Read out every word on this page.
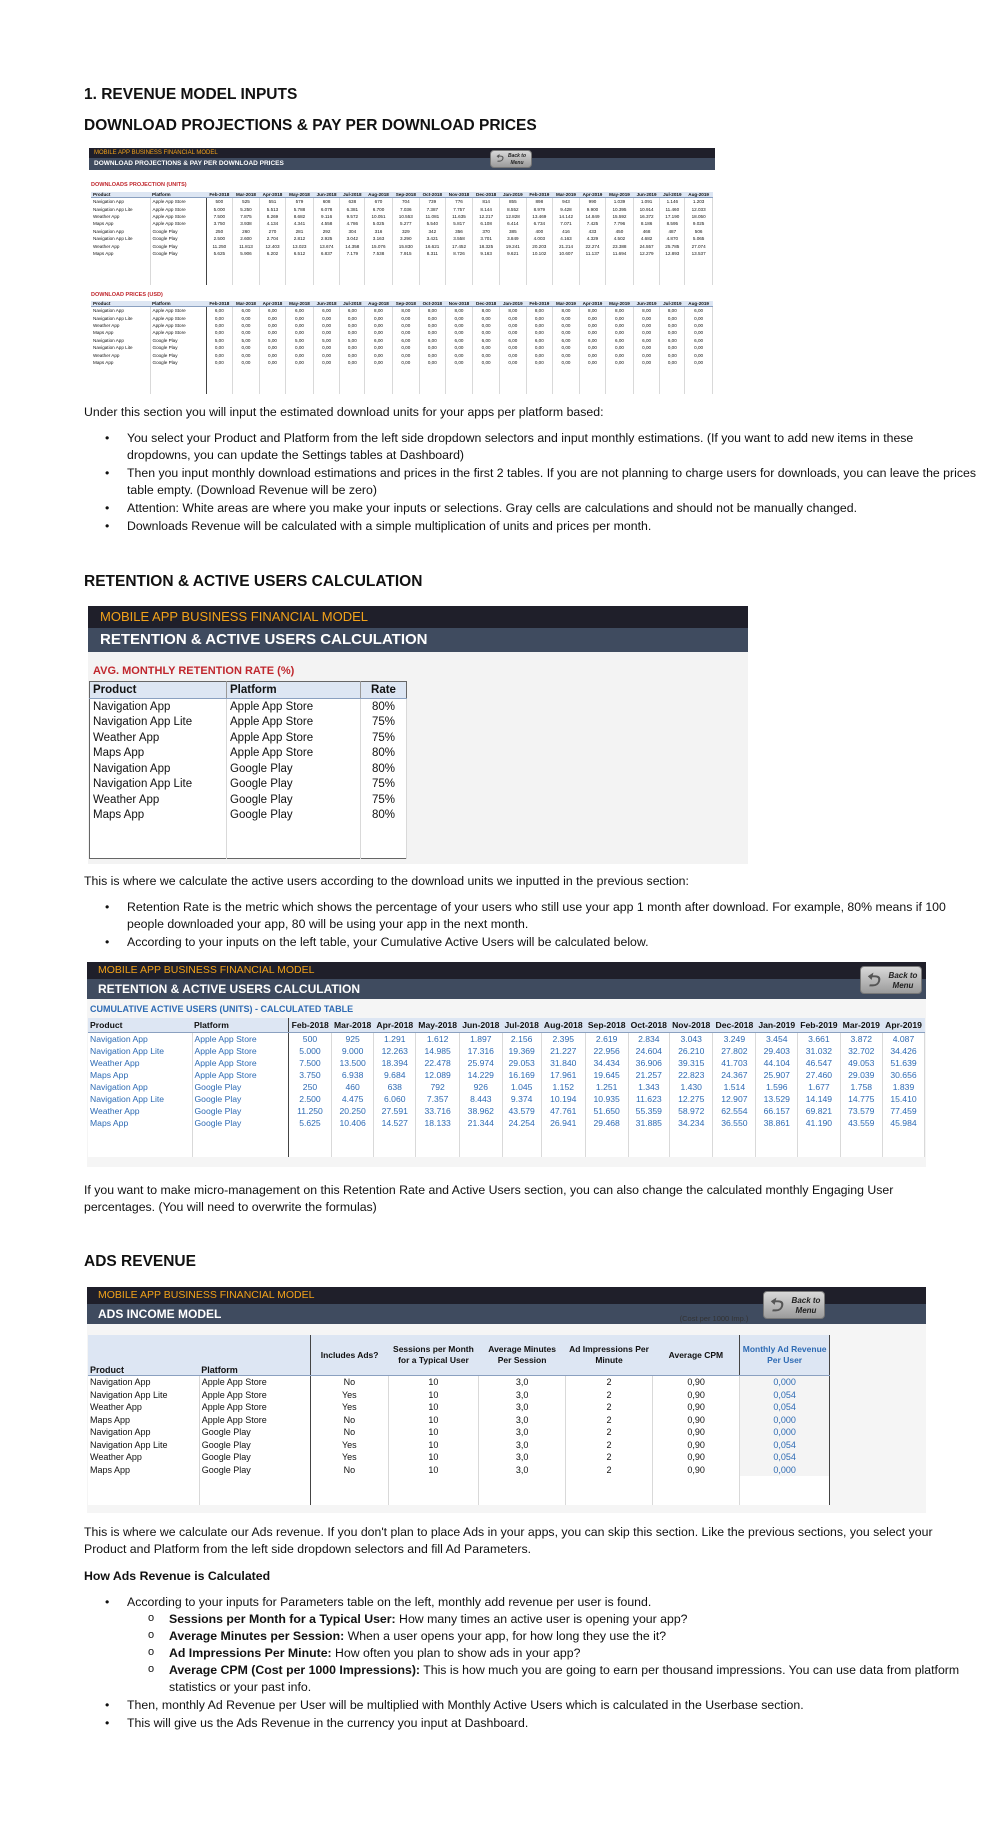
1. REVENUE MODEL INPUTS
DOWNLOAD PROJECTIONS & PAY PER DOWNLOAD PRICES
MOBILE APP BUSINESS FINANCIAL MODEL
DOWNLOAD PROJECTIONS & PAY PER DOWNLOAD PRICES	⮌ Back to Menu
DOWNLOADS PROJECTION (UNITS)
Product	Platform	Feb-2018	Mar-2018	Apr-2018	May-2018	Jun-2018	Jul-2018	Aug-2018	Sep-2018	Oct-2018	Nov-2018	Dec-2018	Jan-2019	Feb-2019	Mar-2019	Apr-2019	May-2019	Jun-2019	Jul-2019	Aug-2019
Navigation App	Apple App Store	500	525	551	579	608	638	670	704	739	776	814	855	898	943	990	1.039	1.091	1.146	1.203
Navigation App Lite	Apple App Store	5.000	5.250	5.513	5.788	6.078	6.381	6.700	7.036	7.387	7.757	8.144	8.552	8.979	9.428	9.900	10.395	10.914	11.460	12.033
Weather App	Apple App Store	7.500	7.875	8.269	8.682	9.116	9.572	10.051	10.553	11.081	11.635	12.217	12.828	13.469	14.142	14.849	15.592	16.372	17.190	18.050
Maps App	Apple App Store	3.750	3.938	4.134	4.341	4.558	4.786	5.025	5.277	5.540	5.817	6.108	6.414	6.734	7.071	7.425	7.796	8.186	8.595	9.025
Navigation App	Google Play	250	260	270	281	292	304	316	329	342	356	370	385	400	416	433	450	468	487	506
Navigation App Lite	Google Play	2.500	2.600	2.704	2.812	2.925	3.042	3.163	3.290	3.421	3.558	3.701	3.849	4.003	4.163	4.329	4.502	4.682	4.870	5.065
Weather App	Google Play	11.250	11.813	12.403	13.023	13.674	14.358	15.076	15.830	16.621	17.452	18.325	19.241	20.203	21.214	22.274	23.388	24.557	25.785	27.074
Maps App	Google Play	5.625	5.906	6.202	6.512	6.837	7.179	7.538	7.915	8.311	8.726	9.163	9.621	10.102	10.607	11.137	11.694	12.279	12.893	13.537

DOWNLOAD PRICES (USD)
Product	Platform	Feb-2018	Mar-2018	Apr-2018	May-2018	Jun-2018	Jul-2018	Aug-2018	Sep-2018	Oct-2018	Nov-2018	Dec-2018	Jan-2019	Feb-2019	Mar-2019	Apr-2019	May-2019	Jun-2019	Jul-2019	Aug-2019
Navigation App	Apple App Store	6,00	6,00	6,00	6,00	6,00	6,00	8,00	8,00	8,00	8,00	8,00	8,00	8,00	8,00	8,00	8,00	8,00	8,00	6,00
Navigation App Lite	Apple App Store	0,00	0,00	0,00	0,00	0,00	0,00	0,00	0,00	0,00	0,00	0,00	0,00	0,00	0,00	0,00	0,00	0,00	0,00	0,00
Weather App	Apple App Store	0,00	0,00	0,00	0,00	0,00	0,00	0,00	0,00	0,00	0,00	0,00	0,00	0,00	0,00	0,00	0,00	0,00	0,00	0,00
Maps App	Apple App Store	0,00	0,00	0,00	0,00	0,00	0,00	0,00	0,00	0,00	0,00	0,00	0,00	0,00	0,00	0,00	0,00	0,00	0,00	0,00
Navigation App	Google Play	5,00	5,00	5,00	5,00	5,00	5,00	6,00	6,00	6,00	6,00	6,00	6,00	6,00	6,00	6,00	6,00	6,00	6,00	6,00
Navigation App Lite	Google Play	0,00	0,00	0,00	0,00	0,00	0,00	0,00	0,00	0,00	0,00	0,00	0,00	0,00	0,00	0,00	0,00	0,00	0,00	0,00
Weather App	Google Play	0,00	0,00	0,00	0,00	0,00	0,00	0,00	0,00	0,00	0,00	0,00	0,00	0,00	0,00	0,00	0,00	0,00	0,00	0,00
Maps App	Google Play	0,00	0,00	0,00	0,00	0,00	0,00	0,00	0,00	0,00	0,00	0,00	0,00	0,00	0,00	0,00	0,00	0,00	0,00	0,00

Under this section you will input the estimated download units for your apps per platform based:

• You select your Product and Platform from the left side dropdown selectors and input monthly estimations. (If you want to add new items in these dropdowns, you can update the Settings tables at Dashboard)
• Then you input monthly download estimations and prices in the first 2 tables. If you are not planning to charge users for downloads, you can leave the prices table empty. (Download Revenue will be zero)
• Attention: White areas are where you make your inputs or selections. Gray cells are calculations and should not be manually changed.
• Downloads Revenue will be calculated with a simple multiplication of units and prices per month.
RETENTION & ACTIVE USERS CALCULATION
MOBILE APP BUSINESS FINANCIAL MODEL
RETENTION & ACTIVE USERS CALCULATION
AVG. MONTHLY RETENTION RATE (%)
Product	Platform	Rate
Navigation App	Apple App Store	80%
Navigation App Lite	Apple App Store	75%
Weather App	Apple App Store	75%
Maps App	Apple App Store	80%
Navigation App	Google Play	80%
Navigation App Lite	Google Play	75%
Weather App	Google Play	75%
Maps App	Google Play	80%

This is where we calculate the active users according to the download units we inputted in the previous section:

• Retention Rate is the metric which shows the percentage of your users who still use your app 1 month after download. For example, 80% means if 100 people downloaded your app, 80 will be using your app in the next month.
• According to your inputs on the left table, your Cumulative Active Users will be calculated below.
MOBILE APP BUSINESS FINANCIAL MODEL
RETENTION & ACTIVE USERS CALCULATION	⮌ Back to Menu
CUMULATIVE ACTIVE USERS (UNITS) - CALCULATED TABLE
Product	Platform	Feb-2018	Mar-2018	Apr-2018	May-2018	Jun-2018	Jul-2018	Aug-2018	Sep-2018	Oct-2018	Nov-2018	Dec-2018	Jan-2019	Feb-2019	Mar-2019	Apr-2019
Navigation App	Apple App Store	500	925	1.291	1.612	1.897	2.156	2.395	2.619	2.834	3.043	3.249	3.454	3.661	3.872	4.087
Navigation App Lite	Apple App Store	5.000	9.000	12.263	14.985	17.316	19.369	21.227	22.956	24.604	26.210	27.802	29.403	31.032	32.702	34.426
Weather App	Apple App Store	7.500	13.500	18.394	22.478	25.974	29.053	31.840	34.434	36.906	39.315	41.703	44.104	46.547	49.053	51.639
Maps App	Apple App Store	3.750	6.938	9.684	12.089	14.229	16.169	17.961	19.645	21.257	22.823	24.367	25.907	27.460	29.039	30.656
Navigation App	Google Play	250	460	638	792	926	1.045	1.152	1.251	1.343	1.430	1.514	1.596	1.677	1.758	1.839
Navigation App Lite	Google Play	2.500	4.475	6.060	7.357	8.443	9.374	10.194	10.935	11.623	12.275	12.907	13.529	14.149	14.775	15.410
Weather App	Google Play	11.250	20.250	27.591	33.716	38.962	43.579	47.761	51.650	55.359	58.972	62.554	66.157	69.821	73.579	77.459
Maps App	Google Play	5.625	10.406	14.527	18.133	21.344	24.254	26.941	29.468	31.885	34.234	36.550	38.861	41.190	43.559	45.984

If you want to make micro-management on this Retention Rate and Active Users section, you can also change the calculated monthly Engaging User percentages. (You will need to overwrite the formulas)

ADS REVENUE
MOBILE APP BUSINESS FINANCIAL MODEL
ADS INCOME MODEL	⮌ Back to Menu
Product	Platform	Includes Ads?	Sessions per Month for a Typical User	Average Minutes Per Session	Ad Impressions Per Minute	Average CPM	Monthly Ad Revenue Per User
Navigation App	Apple App Store	No	10	3,0	2	0,90	0,000
Navigation App Lite	Apple App Store	Yes	10	3,0	2	0,90	0,054
Weather App	Apple App Store	Yes	10	3,0	2	0,90	0,054
Maps App	Apple App Store	No	10	3,0	2	0,90	0,000
Navigation App	Google Play	No	10	3,0	2	0,90	0,000
Navigation App Lite	Google Play	Yes	10	3,0	2	0,90	0,054
Weather App	Google Play	Yes	10	3,0	2	0,90	0,054
Maps App	Google Play	No	10	3,0	2	0,90	0,000

(Cost per 1000 Imp.)

This is where we calculate our Ads revenue. If you don't plan to place Ads in your apps, you can skip this section. Like the previous sections, you select your Product and Platform from the left side dropdown selectors and fill Ad Parameters.

How Ads Revenue is Calculated

• According to your inputs for Parameters table on the left, monthly add revenue per user is found.
o Sessions per Month for a Typical User: How many times an active user is opening your app?
o Average Minutes per Session: When a user opens your app, for how long they use the it?
o Ad Impressions Per Minute: How often you plan to show ads in your app?
o Average CPM (Cost per 1000 Impressions): This is how much you are going to earn per thousand impressions. You can use data from platform statistics or your past info.
• Then, monthly Ad Revenue per User will be multiplied with Monthly Active Users which is calculated in the Userbase section.
• This will give us the Ads Revenue in the currency you input at Dashboard.
